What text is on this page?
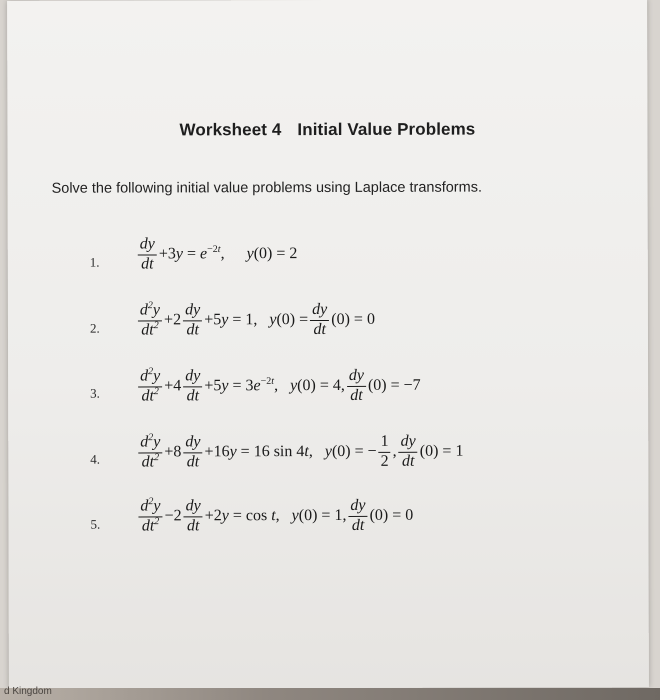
Worksheet 4 Initial Value Problems
Solve the following initial value problems using Laplace transforms.
1. $\frac{dy}{dt} +3y = e^{-2t}$, y(0) = 2
2. $\frac{d^2y}{dt^2} +2 \frac{dy}{dt} +5y = 1$, $y(0) = \frac{dy}{dt} (0) = 0$
3. $\frac{d^2y}{dt^2} +4 \frac{dy}{dt} +5y = 3e^{-2t}$, y(0) = 4, $\frac{dy}{dt} (0) = -7$
4. $\frac{d^2y}{dt^2} +8 \frac{dy}{dt} +16y = 16$ sin 4t, y(0) = − $\frac{1}{2}$ , $\frac{dy}{dt} (0) = 1$
5. $\frac{d^2y}{dt^2} -2 \frac{dy}{dt} +2y = \cos t$, y(0) = 1, $\frac{dy}{dt} (0) = 0$
d Kingdom
